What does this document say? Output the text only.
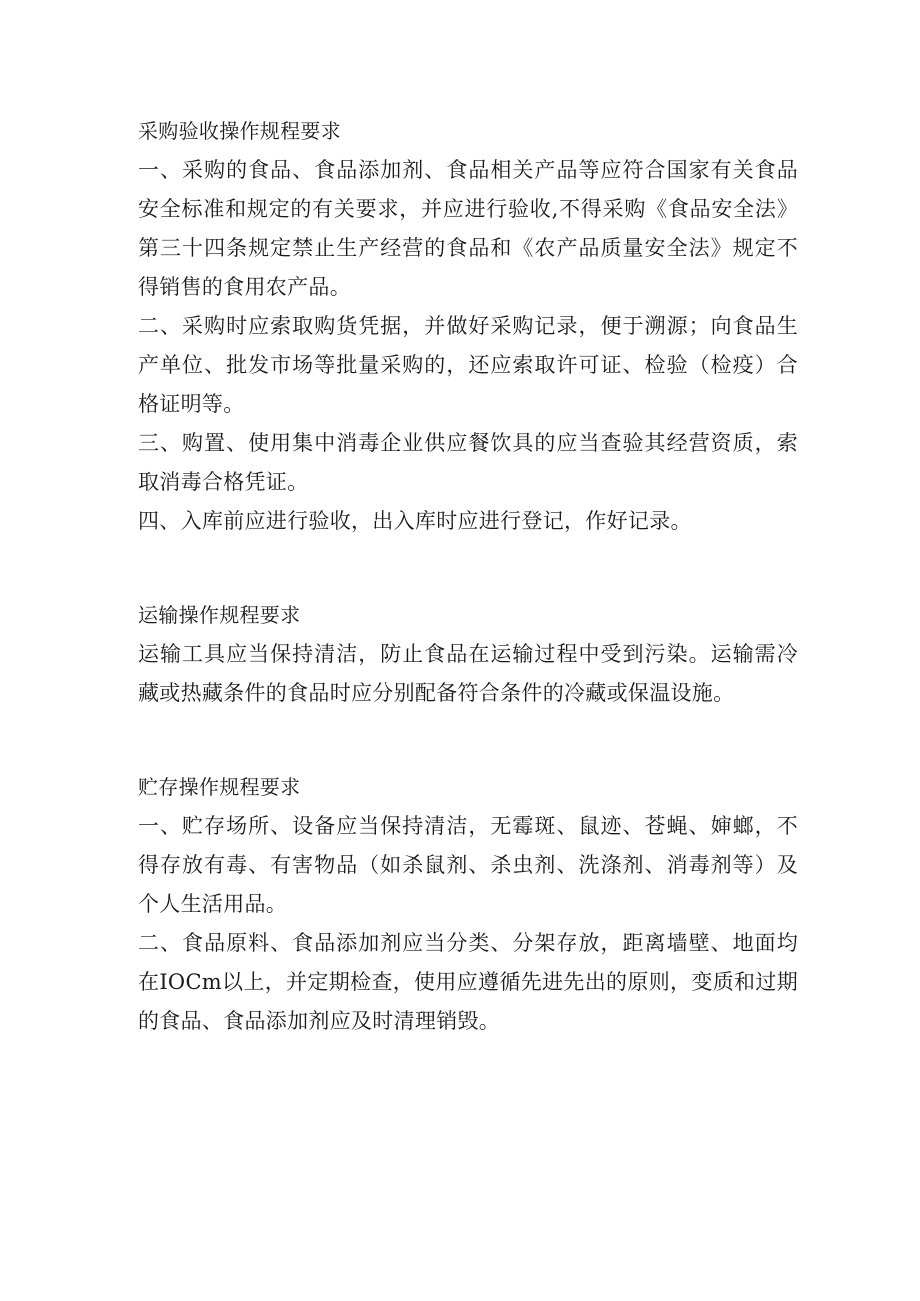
采购验收操作规程要求

一、采购的食品、食品添加剂、食品相关产品等应符合国家有关食品安全标准和规定的有关要求，并应进行验收,不得采购《食品安全法》第三十四条规定禁止生产经营的食品和《农产品质量安全法》规定不得销售的食用农产品。

二、采购时应索取购货凭据，并做好采购记录，便于溯源；向食品生产单位、批发市场等批量采购的，还应索取许可证、检验（检疫）合格证明等。

三、购置、使用集中消毒企业供应餐饮具的应当查验其经营资质，索取消毒合格凭证。

四、入库前应进行验收，出入库时应进行登记，作好记录。

运输操作规程要求

运输工具应当保持清洁，防止食品在运输过程中受到污染。运输需冷藏或热藏条件的食品时应分别配备符合条件的冷藏或保温设施。

贮存操作规程要求

一、贮存场所、设备应当保持清洁，无霉斑、鼠迹、苍蝇、婶螂，不得存放有毒、有害物品（如杀鼠剂、杀虫剂、洗涤剂、消毒剂等）及个人生活用品。

二、食品原料、食品添加剂应当分类、分架存放，距离墙壁、地面均在IOCm以上，并定期检查，使用应遵循先进先出的原则，变质和过期的食品、食品添加剂应及时清理销毁。
